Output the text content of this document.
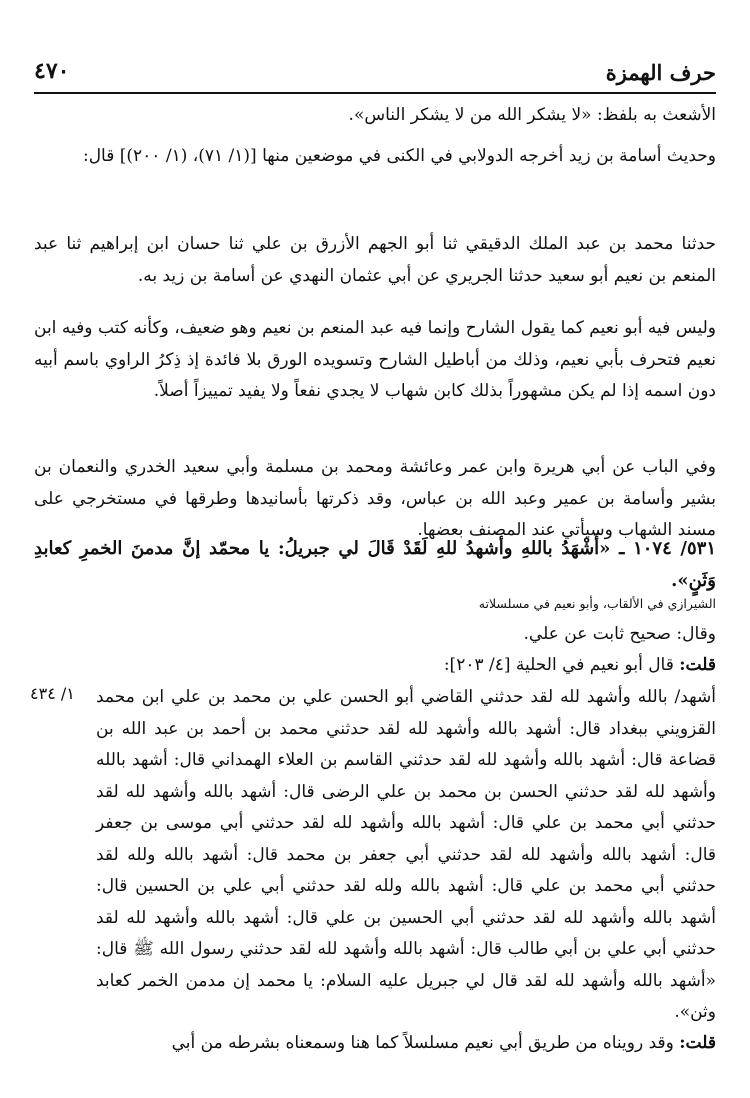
حرف الهمزة
٤٧٠

الأشعث به بلفظ: «لا يشكر الله من لا يشكر الناس».

وحديث أسامة بن زيد أخرجه الدولابي في الكنى في موضعين منها [(١/ ٧١)، (١/ ٢٠٠)] قال:

حدثنا محمد بن عبد الملك الدقيقي ثنا أبو الجهم الأزرق بن علي ثنا حسان ابن إبراهيم ثنا عبد المنعم بن نعيم أبو سعيد حدثنا الجريري عن أبي عثمان النهدي عن أسامة بن زيد به.

وليس فيه أبو نعيم كما يقول الشارح وإنما فيه عبد المنعم بن نعيم وهو ضعيف، وكأنه كتب وفيه ابن نعيم فتحرف بأبي نعيم، وذلك من أباطيل الشارح وتسويده الورق بلا فائدة إذ ذِكرُ الراوي باسم أبيه دون اسمه إذا لم يكن مشهوراً بذلك كابن شهاب لا يجدي نفعاً ولا يفيد تمييزاً أصلاً.

وفي الباب عن أبي هريرة وابن عمر وعائشة ومحمد بن مسلمة وأبي سعيد الخدري والنعمان بن بشير وأسامة بن عمير وعبد الله بن عباس، وقد ذكرتها بأسانيدها وطرقها في مستخرجي على مسند الشهاب وسيأتي عند المصنف بعضها.

٥٣١/ ١٠٧٤ ـ «أَشْهَدُ باللهِ وأشهدُ للهِ لَقَدْ قَالَ لي جبريلُ: يا محمّد إنَّ مدمنَ الخمرِ كعابدِ وَثَنٍ».

الشيرازي في الألقاب، وأبو نعيم في مسلسلاته

وقال: صحيح ثابت عن علي.

قلت: قال أبو نعيم في الحلية [٤/ ٢٠٣]:

١/ ٤٣٤ أشهد/ بالله وأشهد لله لقد حدثني القاضي أبو الحسن علي بن محمد بن علي ابن محمد القزويني ببغداد قال: أشهد بالله وأشهد لله لقد حدثني محمد بن أحمد بن عبد الله بن قضاعة قال: أشهد بالله وأشهد لله لقد حدثني القاسم بن العلاء الهمداني قال: أشهد بالله وأشهد لله لقد حدثني الحسن بن محمد بن علي الرضى قال: أشهد بالله وأشهد لله لقد حدثني أبي محمد بن علي قال: أشهد بالله وأشهد لله لقد حدثني أبي موسى بن جعفر قال: أشهد بالله وأشهد لله لقد حدثني أبي جعفر بن محمد قال: أشهد بالله ولله لقد حدثني أبي محمد بن علي قال: أشهد بالله ولله لقد حدثني أبي علي بن الحسين قال: أشهد بالله وأشهد لله لقد حدثني أبي الحسين بن علي قال: أشهد بالله وأشهد لله لقد حدثني أبي علي بن أبي طالب قال: أشهد بالله وأشهد لله لقد حدثني رسول الله ﷺ قال: «أشهد بالله وأشهد لله لقد قال لي جبريل عليه السلام: يا محمد إن مدمن الخمر كعابد وثن».

قلت: وقد رويناه من طريق أبي نعيم مسلسلاً كما هنا وسمعناه بشرطه من أبي
